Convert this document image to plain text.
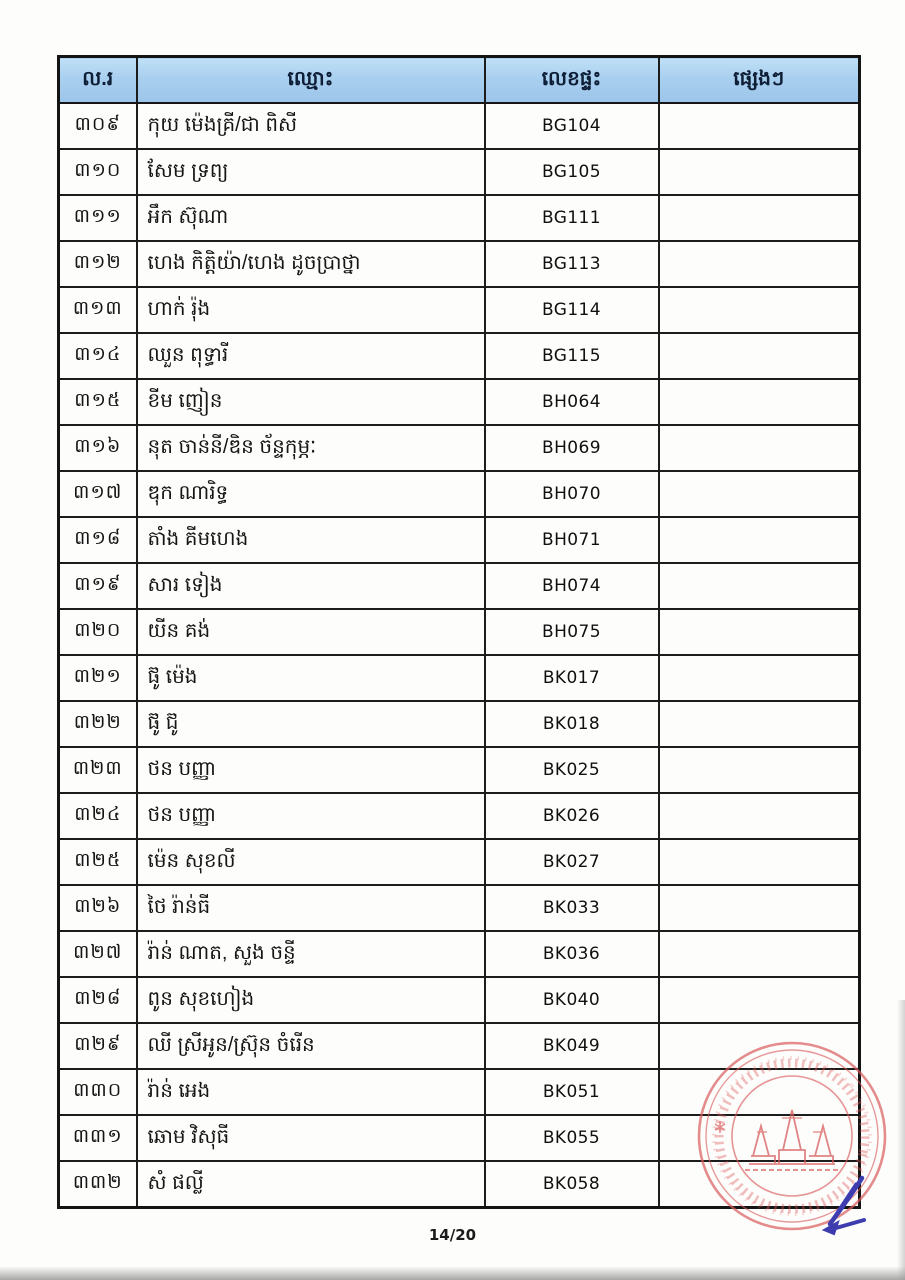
ល.រ	ឈ្មោះ	លេខផ្ទះ	ផ្សេងៗ
៣០៩	កុយ ម៉េងគ្រី/ជា ពិសី	BG104	
៣១០	សែម ទ្រព្យ	BG105	
៣១១	អឹក ស៊ុណា	BG111	
៣១២	ហេង កិត្តិយ៉ា/ហេង ដូចប្រាថ្នា	BG113	
៣១៣	ហាក់ រ៉ុង	BG114	
៣១៤	ឈួន ពុទ្ធារី	BG115	
៣១៥	ខីម ញៀន	BH064	
៣១៦	នុត ចាន់នី/ឌិន ច័ន្ទកុម្ភៈ	BH069	
៣១៧	ឌុក ណារិទ្ធ	BH070	
៣១៨	តាំង គីមហេង	BH071	
៣១៩	សារ ទៀង	BH074	
៣២០	យីន គង់	BH075	
៣២១	ផ៊ូ ម៉េង	BK017	
៣២២	ផ៊ូ ជ៊ូ	BK018	
៣២៣	ថន បញ្ញា	BK025	
៣២៤	ថន បញ្ញា	BK026	
៣២៥	ម៉េន សុខលី	BK027	
៣២៦	ថៃ រ៉ាន់ធី	BK033	
៣២៧	រ៉ាន់ ណាត, សួង ចន្ទី	BK036	
៣២៨	ពូន សុខហៀង	BK040	
៣២៩	ឈី ស្រីអូន/ស្រ៊ុន ចំរើន	BK049	
៣៣០	រ៉ាន់ អេង	BK051	
៣៣១	ឆោម វិសុធី	BK055	
៣៣២	សំ ផល្លី	BK058	
14/20
